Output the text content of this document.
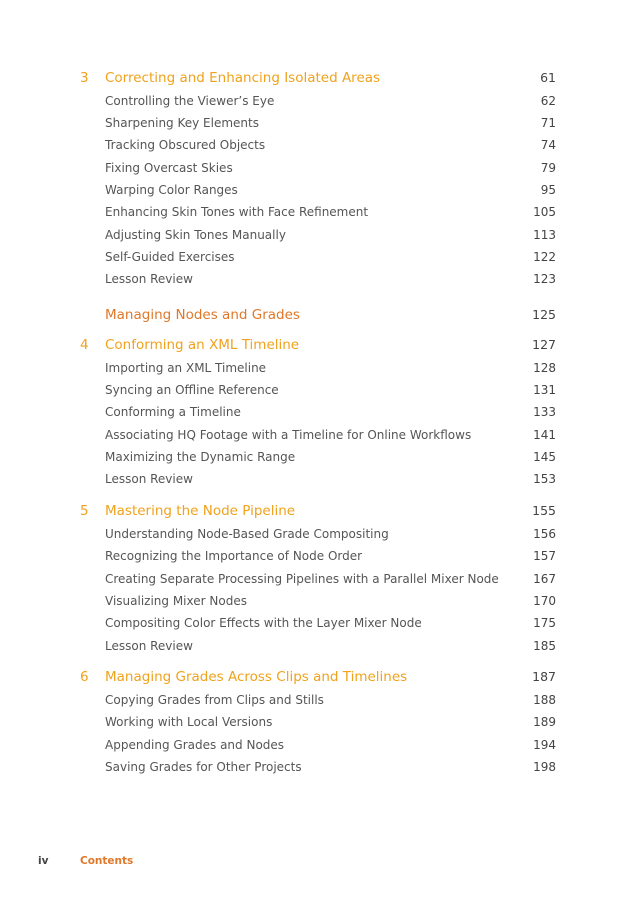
3 Correcting and Enhancing Isolated Areas	61
Controlling the Viewer’s Eye	62
Sharpening Key Elements	71
Tracking Obscured Objects	74
Fixing Overcast Skies	79
Warping Color Ranges	95
Enhancing Skin Tones with Face Refinement	105
Adjusting Skin Tones Manually	113
Self-Guided Exercises	122
Lesson Review	123
Managing Nodes and Grades	125
4 Conforming an XML Timeline	127
Importing an XML Timeline	128
Syncing an Offline Reference	131
Conforming a Timeline	133
Associating HQ Footage with a Timeline for Online Workflows	141
Maximizing the Dynamic Range	145
Lesson Review	153
5 Mastering the Node Pipeline	155
Understanding Node-Based Grade Compositing	156
Recognizing the Importance of Node Order	157
Creating Separate Processing Pipelines with a Parallel Mixer Node	167
Visualizing Mixer Nodes	170
Compositing Color Effects with the Layer Mixer Node	175
Lesson Review	185
6 Managing Grades Across Clips and Timelines	187
Copying Grades from Clips and Stills	188
Working with Local Versions	189
Appending Grades and Nodes	194
Saving Grades for Other Projects	198
iv	Contents
